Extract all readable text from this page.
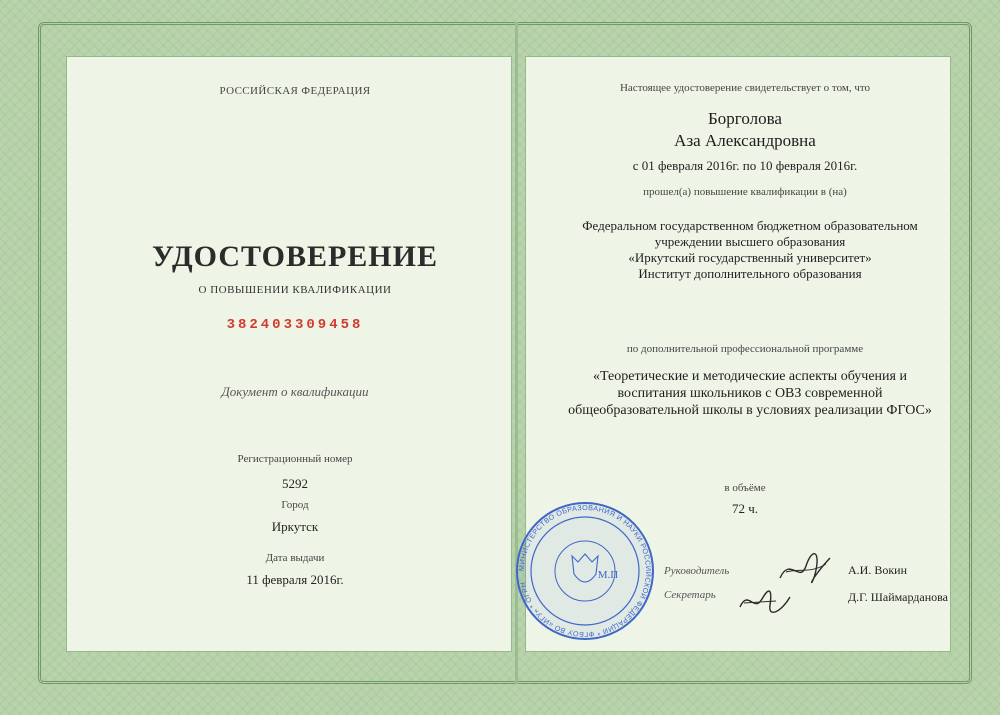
РОССИЙСКАЯ ФЕДЕРАЦИЯ
УДОСТОВЕРЕНИЕ
О ПОВЫШЕНИИ КВАЛИФИКАЦИИ
382403309458
Документ о квалификации
Регистрационный номер
5292
Город
Иркутск
Дата выдачи
11 февраля 2016г.
Настоящее удостоверение свидетельствует о том, что
Борголова
Аза Александровна
с 01 февраля 2016г. по 10 февраля 2016г.
прошел(а) повышение квалификации в (на)
Федеральном государственном бюджетном образовательном
учреждении высшего образования
«Иркутский государственный университет»
Институт дополнительного образования
по дополнительной профессиональной программе
«Теоретические и методические аспекты обучения и
воспитания школьников с ОВЗ современной
общеобразовательной школы в условиях реализации ФГОС»
в объёме
72 ч.
Руководитель	А.И. Вокин
Секретарь	Д.Г. Шаймарданова
МИНИСТЕРСТВО ОБРАЗОВАНИЯ И НАУКИ РОССИЙСКОЙ ФЕДЕРАЦИИ * ФГБОУ ВО «ИГУ» * ОГРН
М.П
